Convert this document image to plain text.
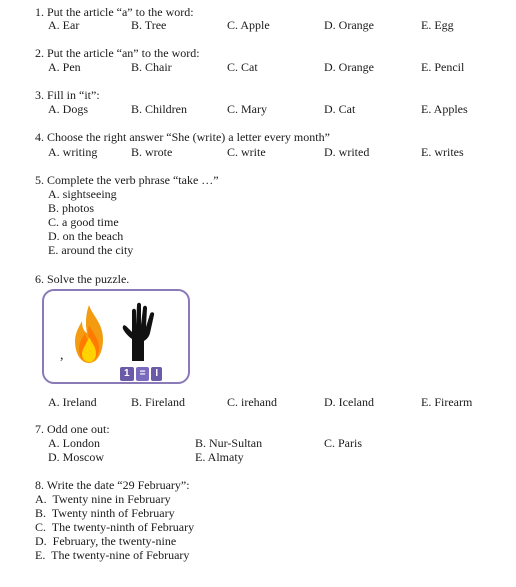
1. Put the article “a” to the word:
A. Ear	B. Tree	C. Apple	D. Orange	E. Egg
2. Put the article “an” to the word:
A. Pen	B. Chair	C. Cat	D. Orange	E. Pencil
3. Fill in “it”:
A. Dogs	B. Children	C. Mary	D. Cat	E. Apples
4. Choose the right answer “She (write) a letter every month”
A. writing	B. wrote	C. write	D. writed	E. writes
5. Complete the verb phrase “take …”
A. sightseeing
B. photos
C. a good time
D. on the beach
E. around the city
6. Solve the puzzle.
,
1	=	I
A. Ireland	B. Fireland	C. irehand	D. Iceland	E. Firearm
7. Odd one out:
A. London	B. Nur-Sultan	C. Paris
D. Moscow	E. Almaty
8. Write the date “29 February”:
A.  Twenty nine in February
B.  Twenty ninth of February
C.  The twenty-ninth of February
D.  February, the twenty-nine
E.  The twenty-nine of February
